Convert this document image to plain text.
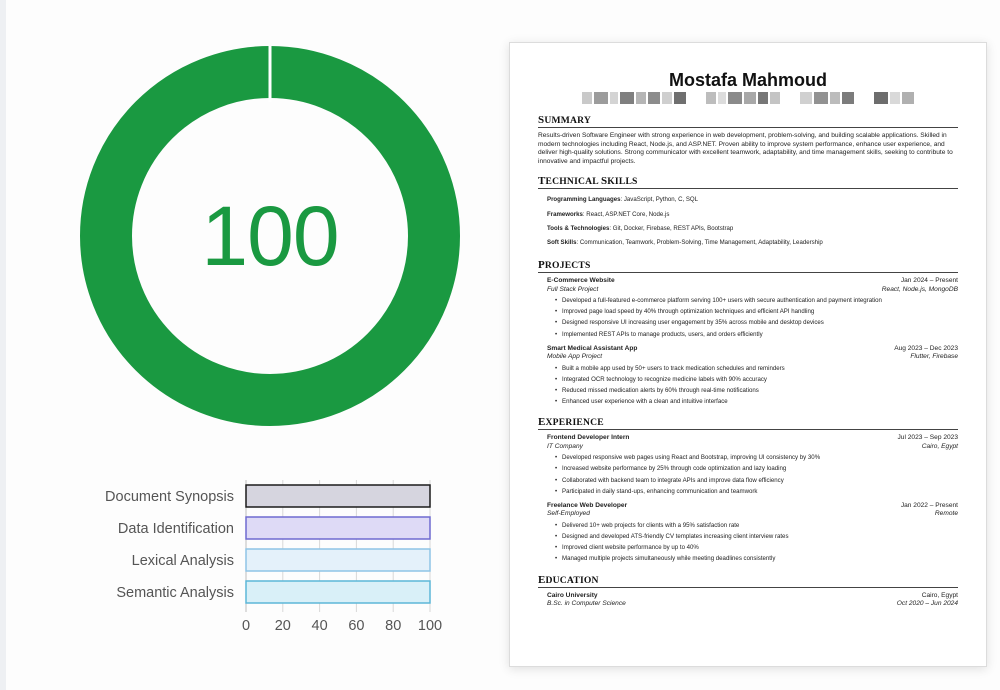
100
Document Synopsis
Data Identification
Lexical Analysis
Semantic Analysis
0 20 40 60 80 100
Mostafa Mahmoud
SUMMARY
Results-driven Software Engineer with strong experience in web development, problem-solving, and building scalable applications. Skilled in modern technologies including React, Node.js, and ASP.NET. Proven ability to improve system performance, enhance user experience, and deliver high-quality solutions. Strong communicator with excellent teamwork, adaptability, and time management skills, seeking to contribute to innovative and impactful projects.
TECHNICAL SKILLS
Programming Languages: JavaScript, Python, C, SQL
Frameworks: React, ASP.NET Core, Node.js
Tools & Technologies: Git, Docker, Firebase, REST APIs, Bootstrap
Soft Skills: Communication, Teamwork, Problem-Solving, Time Management, Adaptability, Leadership
PROJECTS
E-Commerce Website	Jan 2024 – Present
Full Stack Project	React, Node.js, MongoDB
• Developed a full-featured e-commerce platform serving 100+ users with secure authentication and payment integration
• Improved page load speed by 40% through optimization techniques and efficient API handling
• Designed responsive UI increasing user engagement by 35% across mobile and desktop devices
• Implemented REST APIs to manage products, users, and orders efficiently
Smart Medical Assistant App	Aug 2023 – Dec 2023
Mobile App Project	Flutter, Firebase
• Built a mobile app used by 50+ users to track medication schedules and reminders
• Integrated OCR technology to recognize medicine labels with 90% accuracy
• Reduced missed medication alerts by 60% through real-time notifications
• Enhanced user experience with a clean and intuitive interface
EXPERIENCE
Frontend Developer Intern	Jul 2023 – Sep 2023
IT Company	Cairo, Egypt
• Developed responsive web pages using React and Bootstrap, improving UI consistency by 30%
• Increased website performance by 25% through code optimization and lazy loading
• Collaborated with backend team to integrate APIs and improve data flow efficiency
• Participated in daily stand-ups, enhancing communication and teamwork
Freelance Web Developer	Jan 2022 – Present
Self-Employed	Remote
• Delivered 10+ web projects for clients with a 95% satisfaction rate
• Designed and developed ATS-friendly CV templates increasing client interview rates
• Improved client website performance by up to 40%
• Managed multiple projects simultaneously while meeting deadlines consistently
EDUCATION
Cairo University	Cairo, Egypt
B.Sc. in Computer Science	Oct 2020 – Jun 2024
